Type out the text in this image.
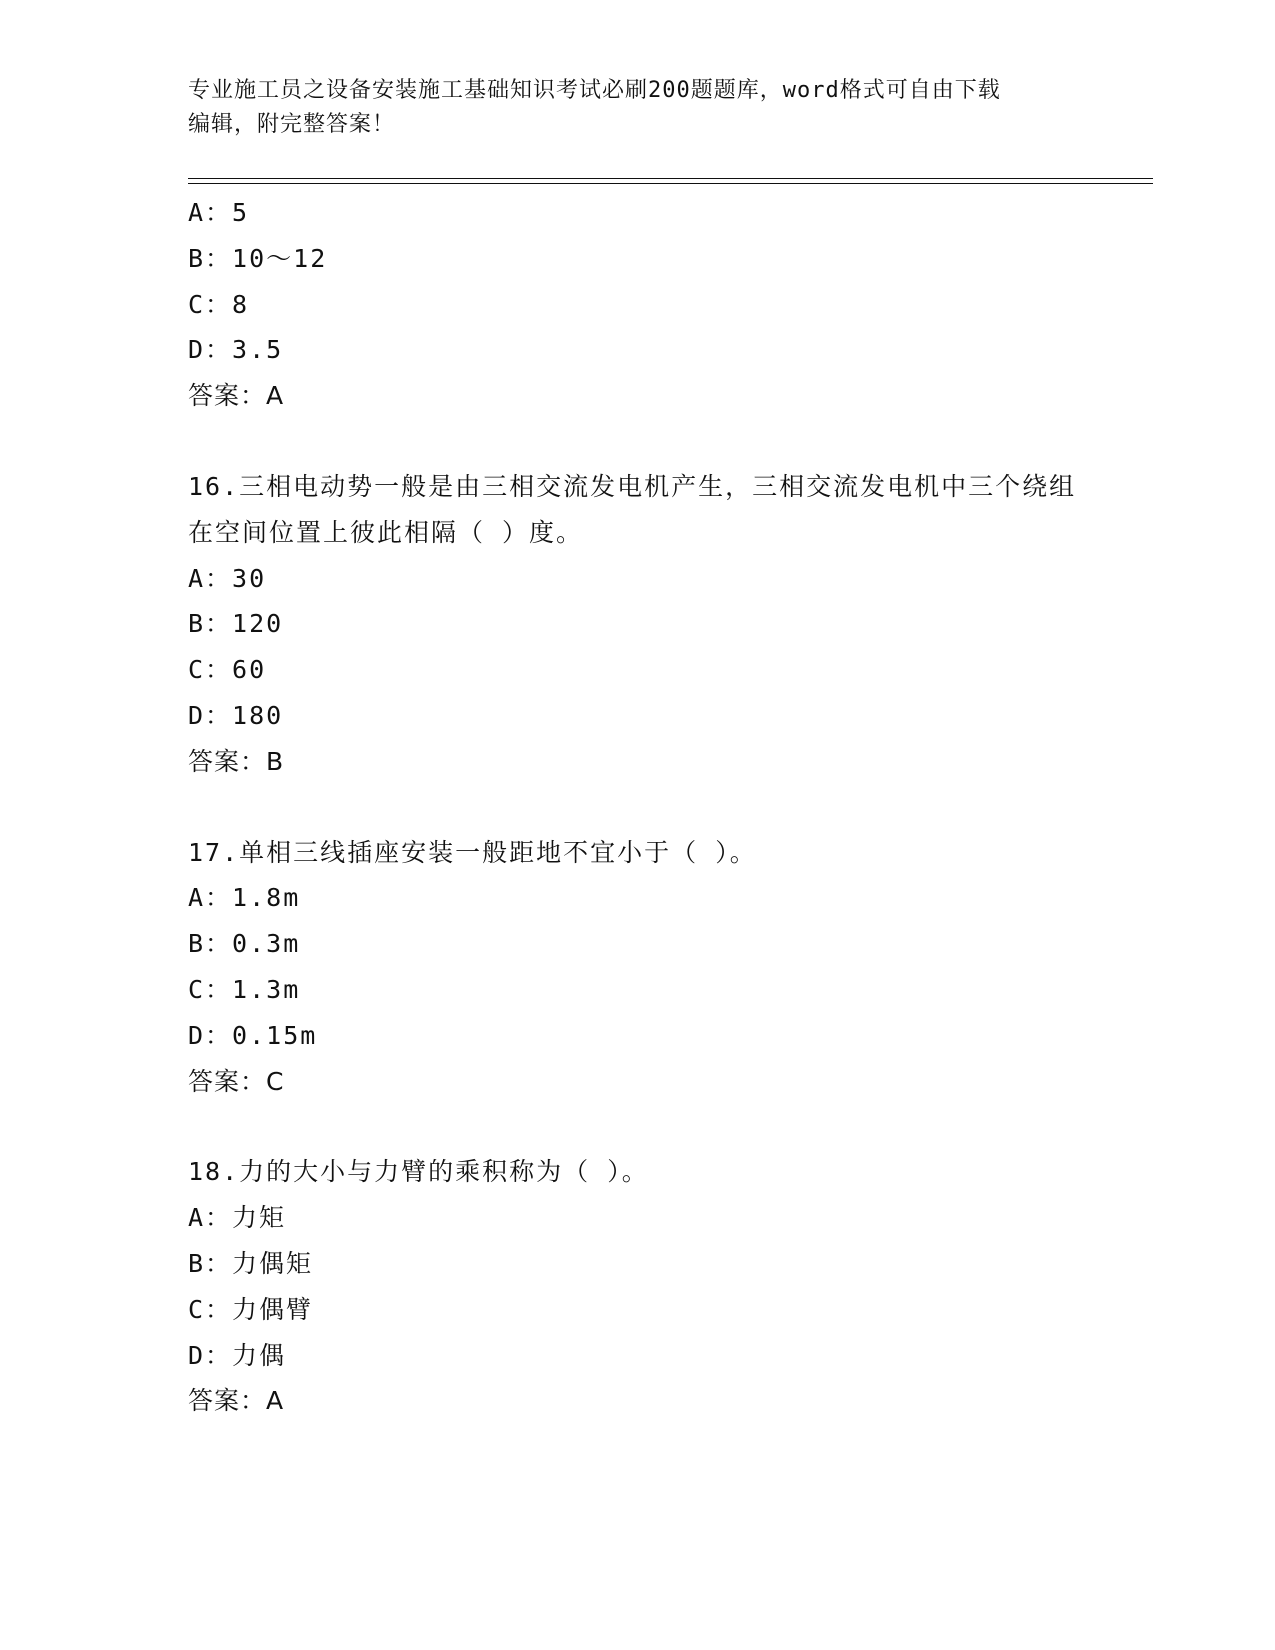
专业施工员之设备安装施工基础知识考试必刷200题题库，word格式可自由下载
编辑，附完整答案！
A：5
B：10～12
C：8
D：3.5
答案：A
16.三相电动势一般是由三相交流发电机产生，三相交流发电机中三个绕组在空间位置上彼此相隔（ ）度。
A：30
B：120
C：60
D：180
答案：B
17.单相三线插座安装一般距地不宜小于（ ）。
A：1.8m
B：0.3m
C：1.3m
D：0.15m
答案：C
18.力的大小与力臂的乘积称为（ ）。
A：力矩
B：力偶矩
C：力偶臂
D：力偶
答案：A
